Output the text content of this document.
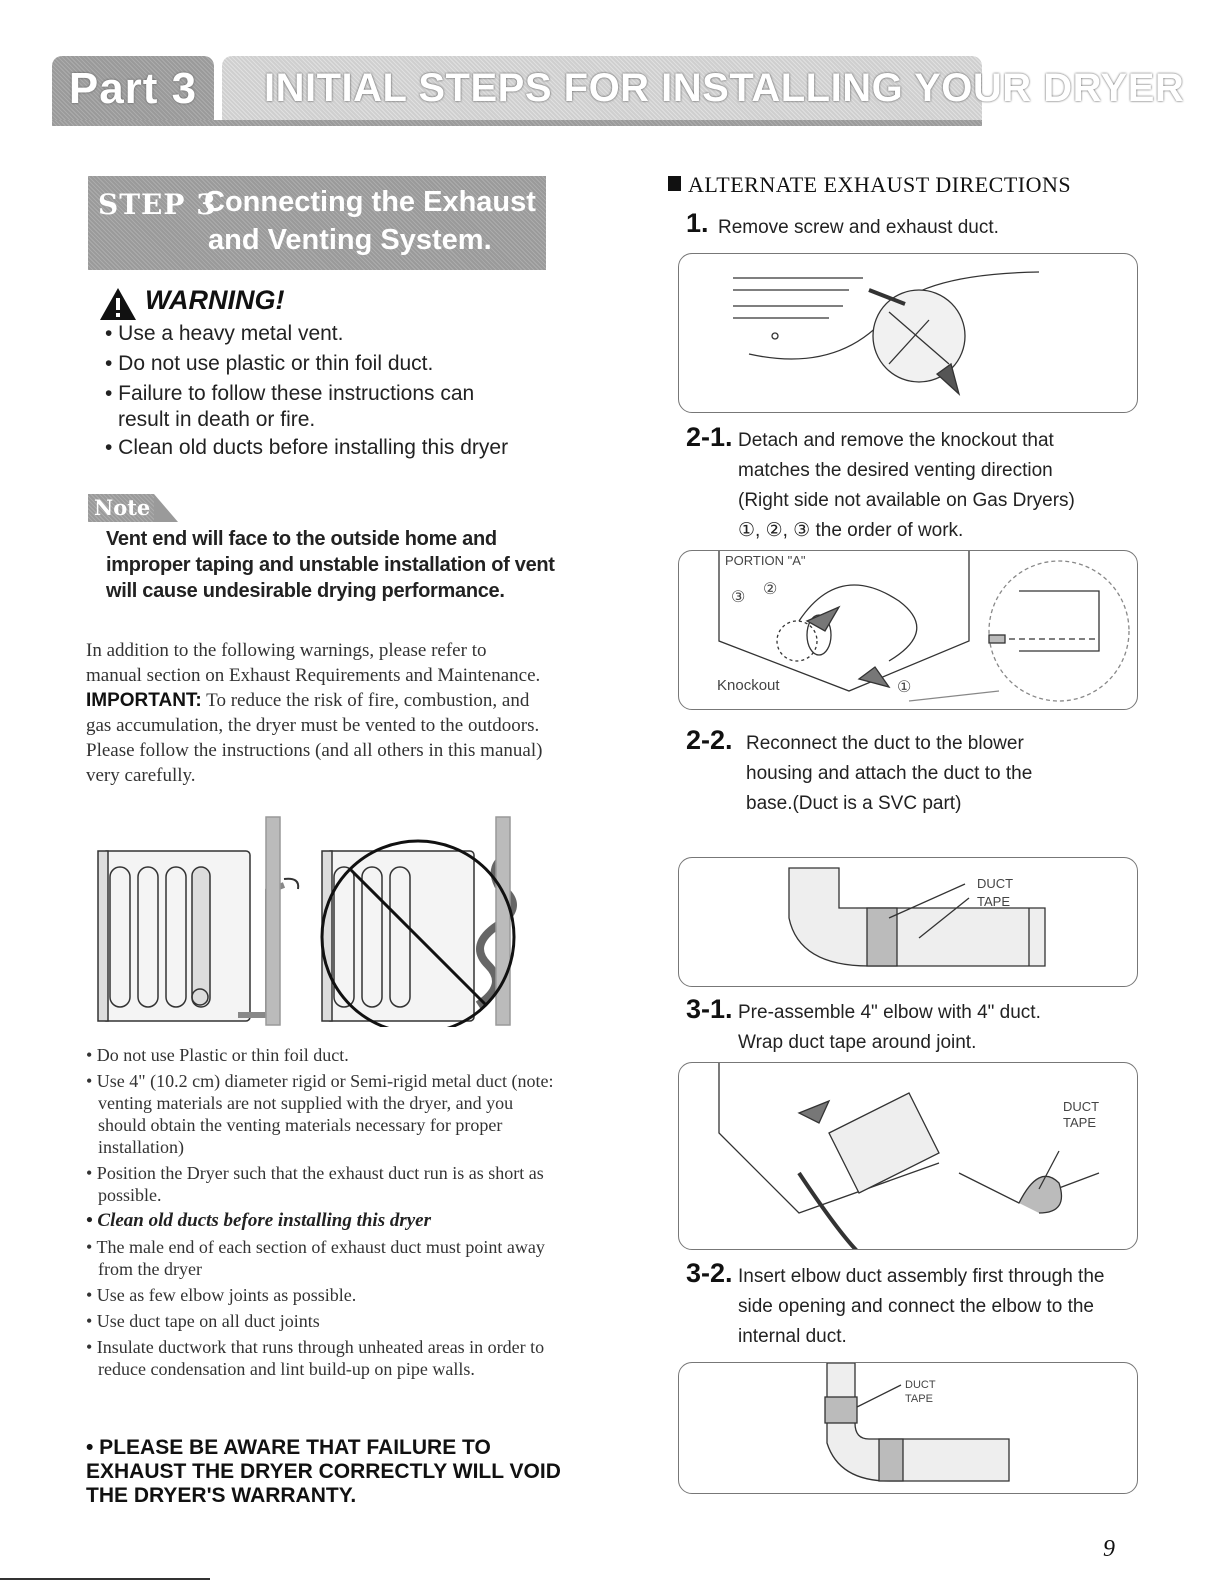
Part 3	INITIAL STEPS FOR INSTALLING YOUR DRYER
STEP 3
Connecting the Exhaust
and Venting System.
WARNING!
• Use a heavy metal vent.
• Do not use plastic or thin foil duct.
• Failure to follow these instructions can
result in death or fire.
• Clean old ducts before installing this dryer
Note
Vent end will face to the outside home and
improper taping and unstable installation of vent
will cause undesirable drying performance.
In addition to the following warnings, please refer to manual section on Exhaust Requirements and Maintenance. IMPORTANT: To reduce the risk of fire, combustion, and gas accumulation, the dryer must be vented to the outdoors. Please follow the instructions (and all others in this manual) very carefully.
• Do not use Plastic or thin foil duct.
• Use 4" (10.2 cm) diameter rigid or Semi-rigid metal duct (note: venting materials are not supplied with the dryer, and you should obtain the venting materials necessary for proper installation)
• Position the Dryer such that the exhaust duct run is as short as possible.
• Clean old ducts before installing this dryer
• The male end of each section of exhaust duct must point away from the dryer
• Use as few elbow joints as possible.
• Use duct tape on all duct joints
• Insulate ductwork that runs through unheated areas in order to reduce condensation and lint build-up on pipe walls.
• PLEASE BE AWARE THAT FAILURE TO EXHAUST THE DRYER CORRECTLY WILL VOID THE DRYER'S WARRANTY.
ALTERNATE EXHAUST DIRECTIONS
1. Remove screw and exhaust duct.
2-1. Detach and remove the knockout that
matches the desired venting direction
(Right side not available on Gas Dryers)
①, ②, ③ the order of work.
PORTION "A"
③ ②
Knockout	①
2-2. Reconnect the duct to the blower
housing and attach the duct to the
base.(Duct is a SVC part)
DUCT
TAPE
3-1. Pre-assemble 4" elbow with 4" duct.
Wrap duct tape around joint.
DUCT
TAPE
3-2. Insert elbow duct assembly first through the
side opening and connect the elbow to the
internal duct.
DUCT
TAPE
9
